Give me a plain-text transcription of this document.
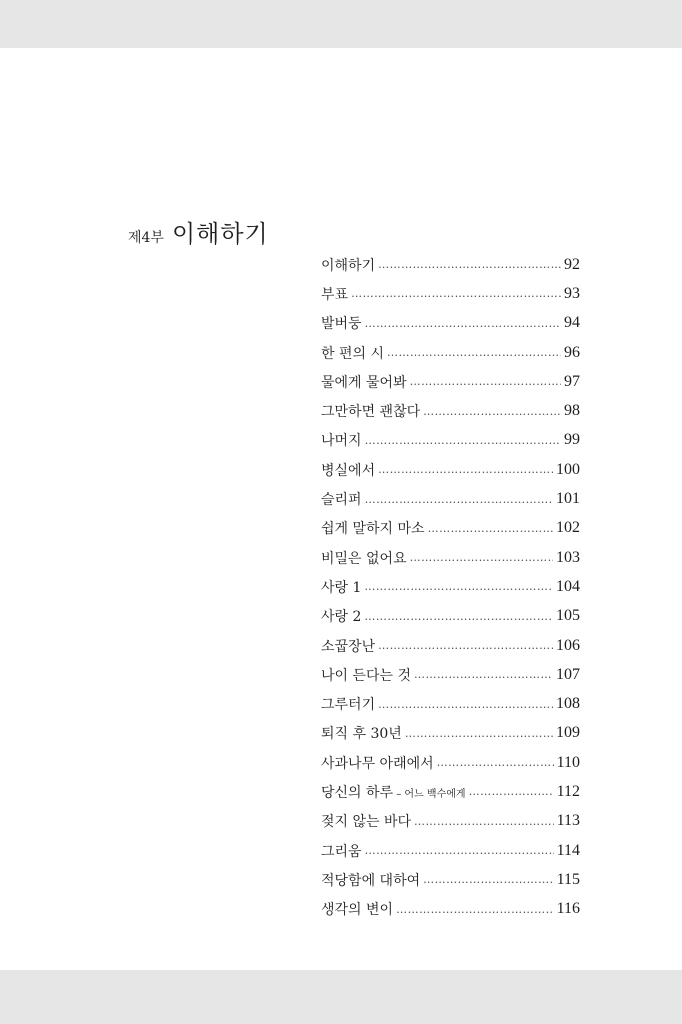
제4부 이해하기
이해하기 …………………………………………………………………………………………………………………………………………	92
부표 …………………………………………………………………………………………………………………………………………	93
발버둥 …………………………………………………………………………………………………………………………………………	94
한 편의 시 …………………………………………………………………………………………………………………………………………	96
물에게 물어봐 …………………………………………………………………………………………………………………………………………	97
그만하면 괜찮다 …………………………………………………………………………………………………………………………………………	98
나머지 …………………………………………………………………………………………………………………………………………	99
병실에서 …………………………………………………………………………………………………………………………………………	100
슬리퍼 …………………………………………………………………………………………………………………………………………	101
쉽게 말하지 마소 …………………………………………………………………………………………………………………………………………	102
비밀은 없어요 …………………………………………………………………………………………………………………………………………	103
사랑 1 …………………………………………………………………………………………………………………………………………	104
사랑 2 …………………………………………………………………………………………………………………………………………	105
소꿉장난 …………………………………………………………………………………………………………………………………………	106
나이 든다는 것 …………………………………………………………………………………………………………………………………………	107
그루터기 …………………………………………………………………………………………………………………………………………	108
퇴직 후 30년 …………………………………………………………………………………………………………………………………………	109
사과나무 아래에서 …………………………………………………………………………………………………………………………………………	110
당신의 하루 – 어느 백수에게 …………………………………………………………………………………………………………………………………………	112
젖지 않는 바다 …………………………………………………………………………………………………………………………………………	113
그리움 …………………………………………………………………………………………………………………………………………	114
적당함에 대하여 …………………………………………………………………………………………………………………………………………	115
생각의 변이 …………………………………………………………………………………………………………………………………………	116
